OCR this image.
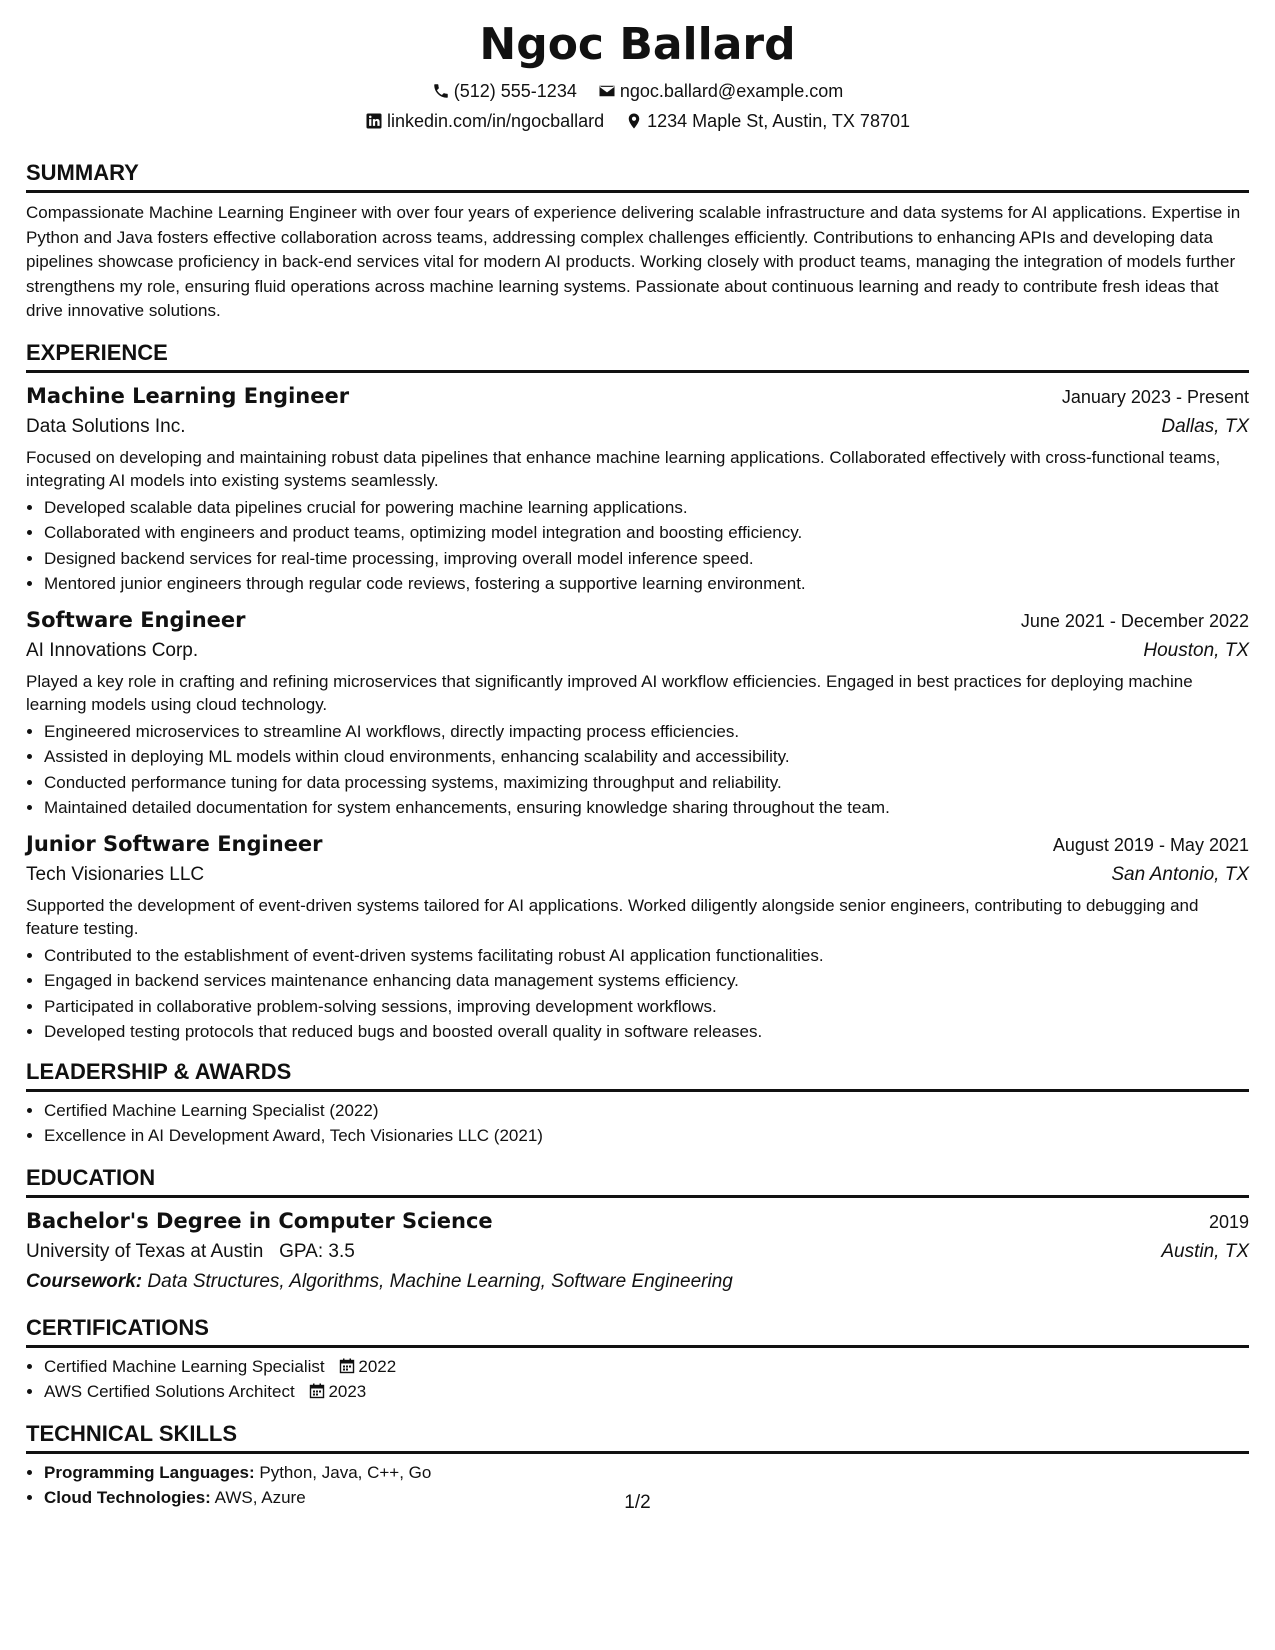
Ngoc Ballard
(512) 555-1234
ngoc.ballard@example.com
linkedin.com/in/ngocballard
1234 Maple St, Austin, TX 78701
SUMMARY

Compassionate Machine Learning Engineer with over four years of experience delivering scalable infrastructure and data systems for AI applications. Expertise in Python and Java fosters effective collaboration across teams, addressing complex challenges efficiently. Contributions to enhancing APIs and developing data pipelines showcase proficiency in back-end services vital for modern AI products. Working closely with product teams, managing the integration of models further strengthens my role, ensuring fluid operations across machine learning systems. Passionate about continuous learning and ready to contribute fresh ideas that drive innovative solutions.

EXPERIENCE
Machine Learning Engineer	January 2023 - Present
Data Solutions Inc.	Dallas, TX

Focused on developing and maintaining robust data pipelines that enhance machine learning applications. Collaborated effectively with cross-functional teams, integrating AI models into existing systems seamlessly.

• Developed scalable data pipelines crucial for powering machine learning applications.
• Collaborated with engineers and product teams, optimizing model integration and boosting efficiency.
• Designed backend services for real-time processing, improving overall model inference speed.
• Mentored junior engineers through regular code reviews, fostering a supportive learning environment.
Software Engineer	June 2021 - December 2022
AI Innovations Corp.	Houston, TX

Played a key role in crafting and refining microservices that significantly improved AI workflow efficiencies. Engaged in best practices for deploying machine learning models using cloud technology.

• Engineered microservices to streamline AI workflows, directly impacting process efficiencies.
• Assisted in deploying ML models within cloud environments, enhancing scalability and accessibility.
• Conducted performance tuning for data processing systems, maximizing throughput and reliability.
• Maintained detailed documentation for system enhancements, ensuring knowledge sharing throughout the team.
Junior Software Engineer	August 2019 - May 2021
Tech Visionaries LLC	San Antonio, TX

Supported the development of event-driven systems tailored for AI applications. Worked diligently alongside senior engineers, contributing to debugging and feature testing.

• Contributed to the establishment of event-driven systems facilitating robust AI application functionalities.
• Engaged in backend services maintenance enhancing data management systems efficiency.
• Participated in collaborative problem-solving sessions, improving development workflows.
• Developed testing protocols that reduced bugs and boosted overall quality in software releases.
LEADERSHIP & AWARDS
• Certified Machine Learning Specialist (2022)
• Excellence in AI Development Award, Tech Visionaries LLC (2021)
EDUCATION
Bachelor's Degree in Computer Science	2019
University of Texas at Austin GPA: 3.5	Austin, TX
Coursework: Data Structures, Algorithms, Machine Learning, Software Engineering
CERTIFICATIONS
• Certified Machine Learning Specialist 2022
• AWS Certified Solutions Architect 2023
TECHNICAL SKILLS
• Programming Languages: Python, Java, C++, Go
• Cloud Technologies: AWS, Azure	1/2
